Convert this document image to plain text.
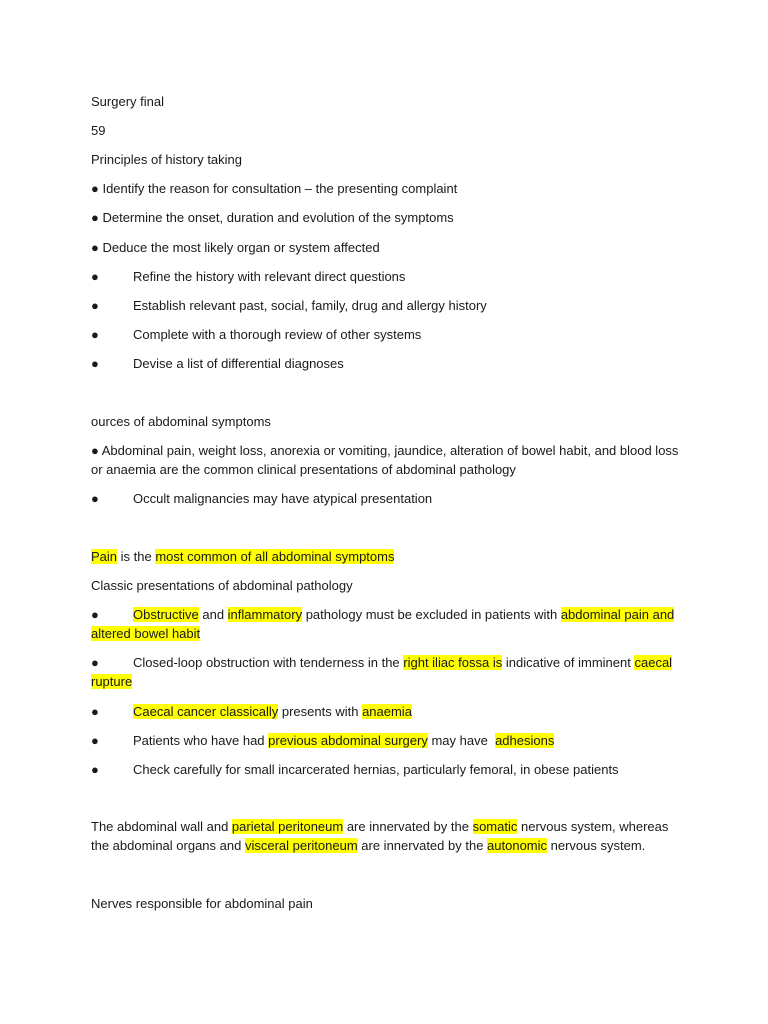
Surgery final
59
Principles of history taking
● Identify the reason for consultation – the presenting complaint
● Determine the onset, duration and evolution of the symptoms
● Deduce the most likely organ or system affected
●	Refine the history with relevant direct questions
●	Establish relevant past, social, family, drug and allergy history
●	Complete with a thorough review of other systems
●	Devise a list of differential diagnoses
ources of abdominal symptoms
● Abdominal pain, weight loss, anorexia or vomiting, jaundice, alteration of bowel habit, and blood loss or anaemia are the common clinical presentations of abdominal pathology
●	Occult malignancies may have atypical presentation
Pain is the most common of all abdominal symptoms
Classic presentations of abdominal pathology
●	Obstructive and inflammatory pathology must be excluded in patients with abdominal pain and altered bowel habit
●	Closed-loop obstruction with tenderness in the right iliac fossa is indicative of imminent caecal rupture
●	Caecal cancer classically presents with anaemia
●	Patients who have had previous abdominal surgery may have  adhesions
●	Check carefully for small incarcerated hernias, particularly femoral, in obese patients
The abdominal wall and parietal peritoneum are innervated by the somatic nervous system, whereas the abdominal organs and visceral peritoneum are innervated by the autonomic nervous system.
Nerves responsible for abdominal pain
